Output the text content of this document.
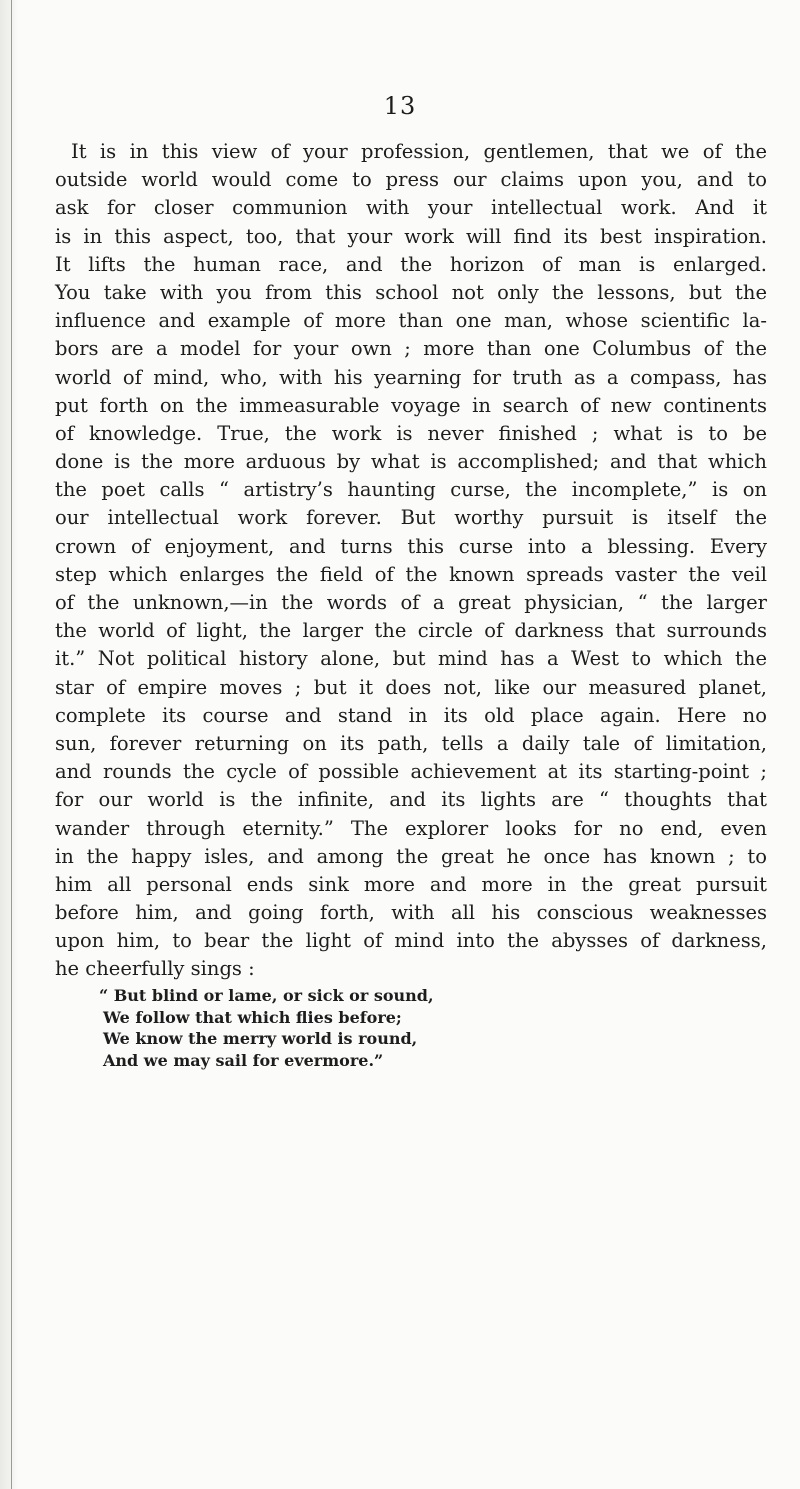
13
It is in this view of your profession, gentlemen, that we of the
outside world would come to press our claims upon you, and to
ask for closer communion with your intellectual work. And it
is in this aspect, too, that your work will find its best inspiration.
It lifts the human race, and the horizon of man is enlarged.
You take with you from this school not only the lessons, but the
influence and example of more than one man, whose scientific la-
bors are a model for your own ; more than one Columbus of the
world of mind, who, with his yearning for truth as a compass, has
put forth on the immeasurable voyage in search of new continents
of knowledge. True, the work is never finished ; what is to be
done is the more arduous by what is accomplished; and that which
the poet calls “ artistry’s haunting curse, the incomplete,” is on
our intellectual work forever. But worthy pursuit is itself the
crown of enjoyment, and turns this curse into a blessing. Every
step which enlarges the field of the known spreads vaster the veil
of the unknown,—in the words of a great physician, “ the larger
the world of light, the larger the circle of darkness that surrounds
it.” Not political history alone, but mind has a West to which the
star of empire moves ; but it does not, like our measured planet,
complete its course and stand in its old place again. Here no
sun, forever returning on its path, tells a daily tale of limitation,
and rounds the cycle of possible achievement at its starting-point ;
for our world is the infinite, and its lights are “ thoughts that
wander through eternity.” The explorer looks for no end, even
in the happy isles, and among the great he once has known ; to
him all personal ends sink more and more in the great pursuit
before him, and going forth, with all his conscious weaknesses
upon him, to bear the light of mind into the abysses of darkness,
he cheerfully sings :
“ But blind or lame, or sick or sound,
We follow that which flies before;
We know the merry world is round,
And we may sail for evermore.”
